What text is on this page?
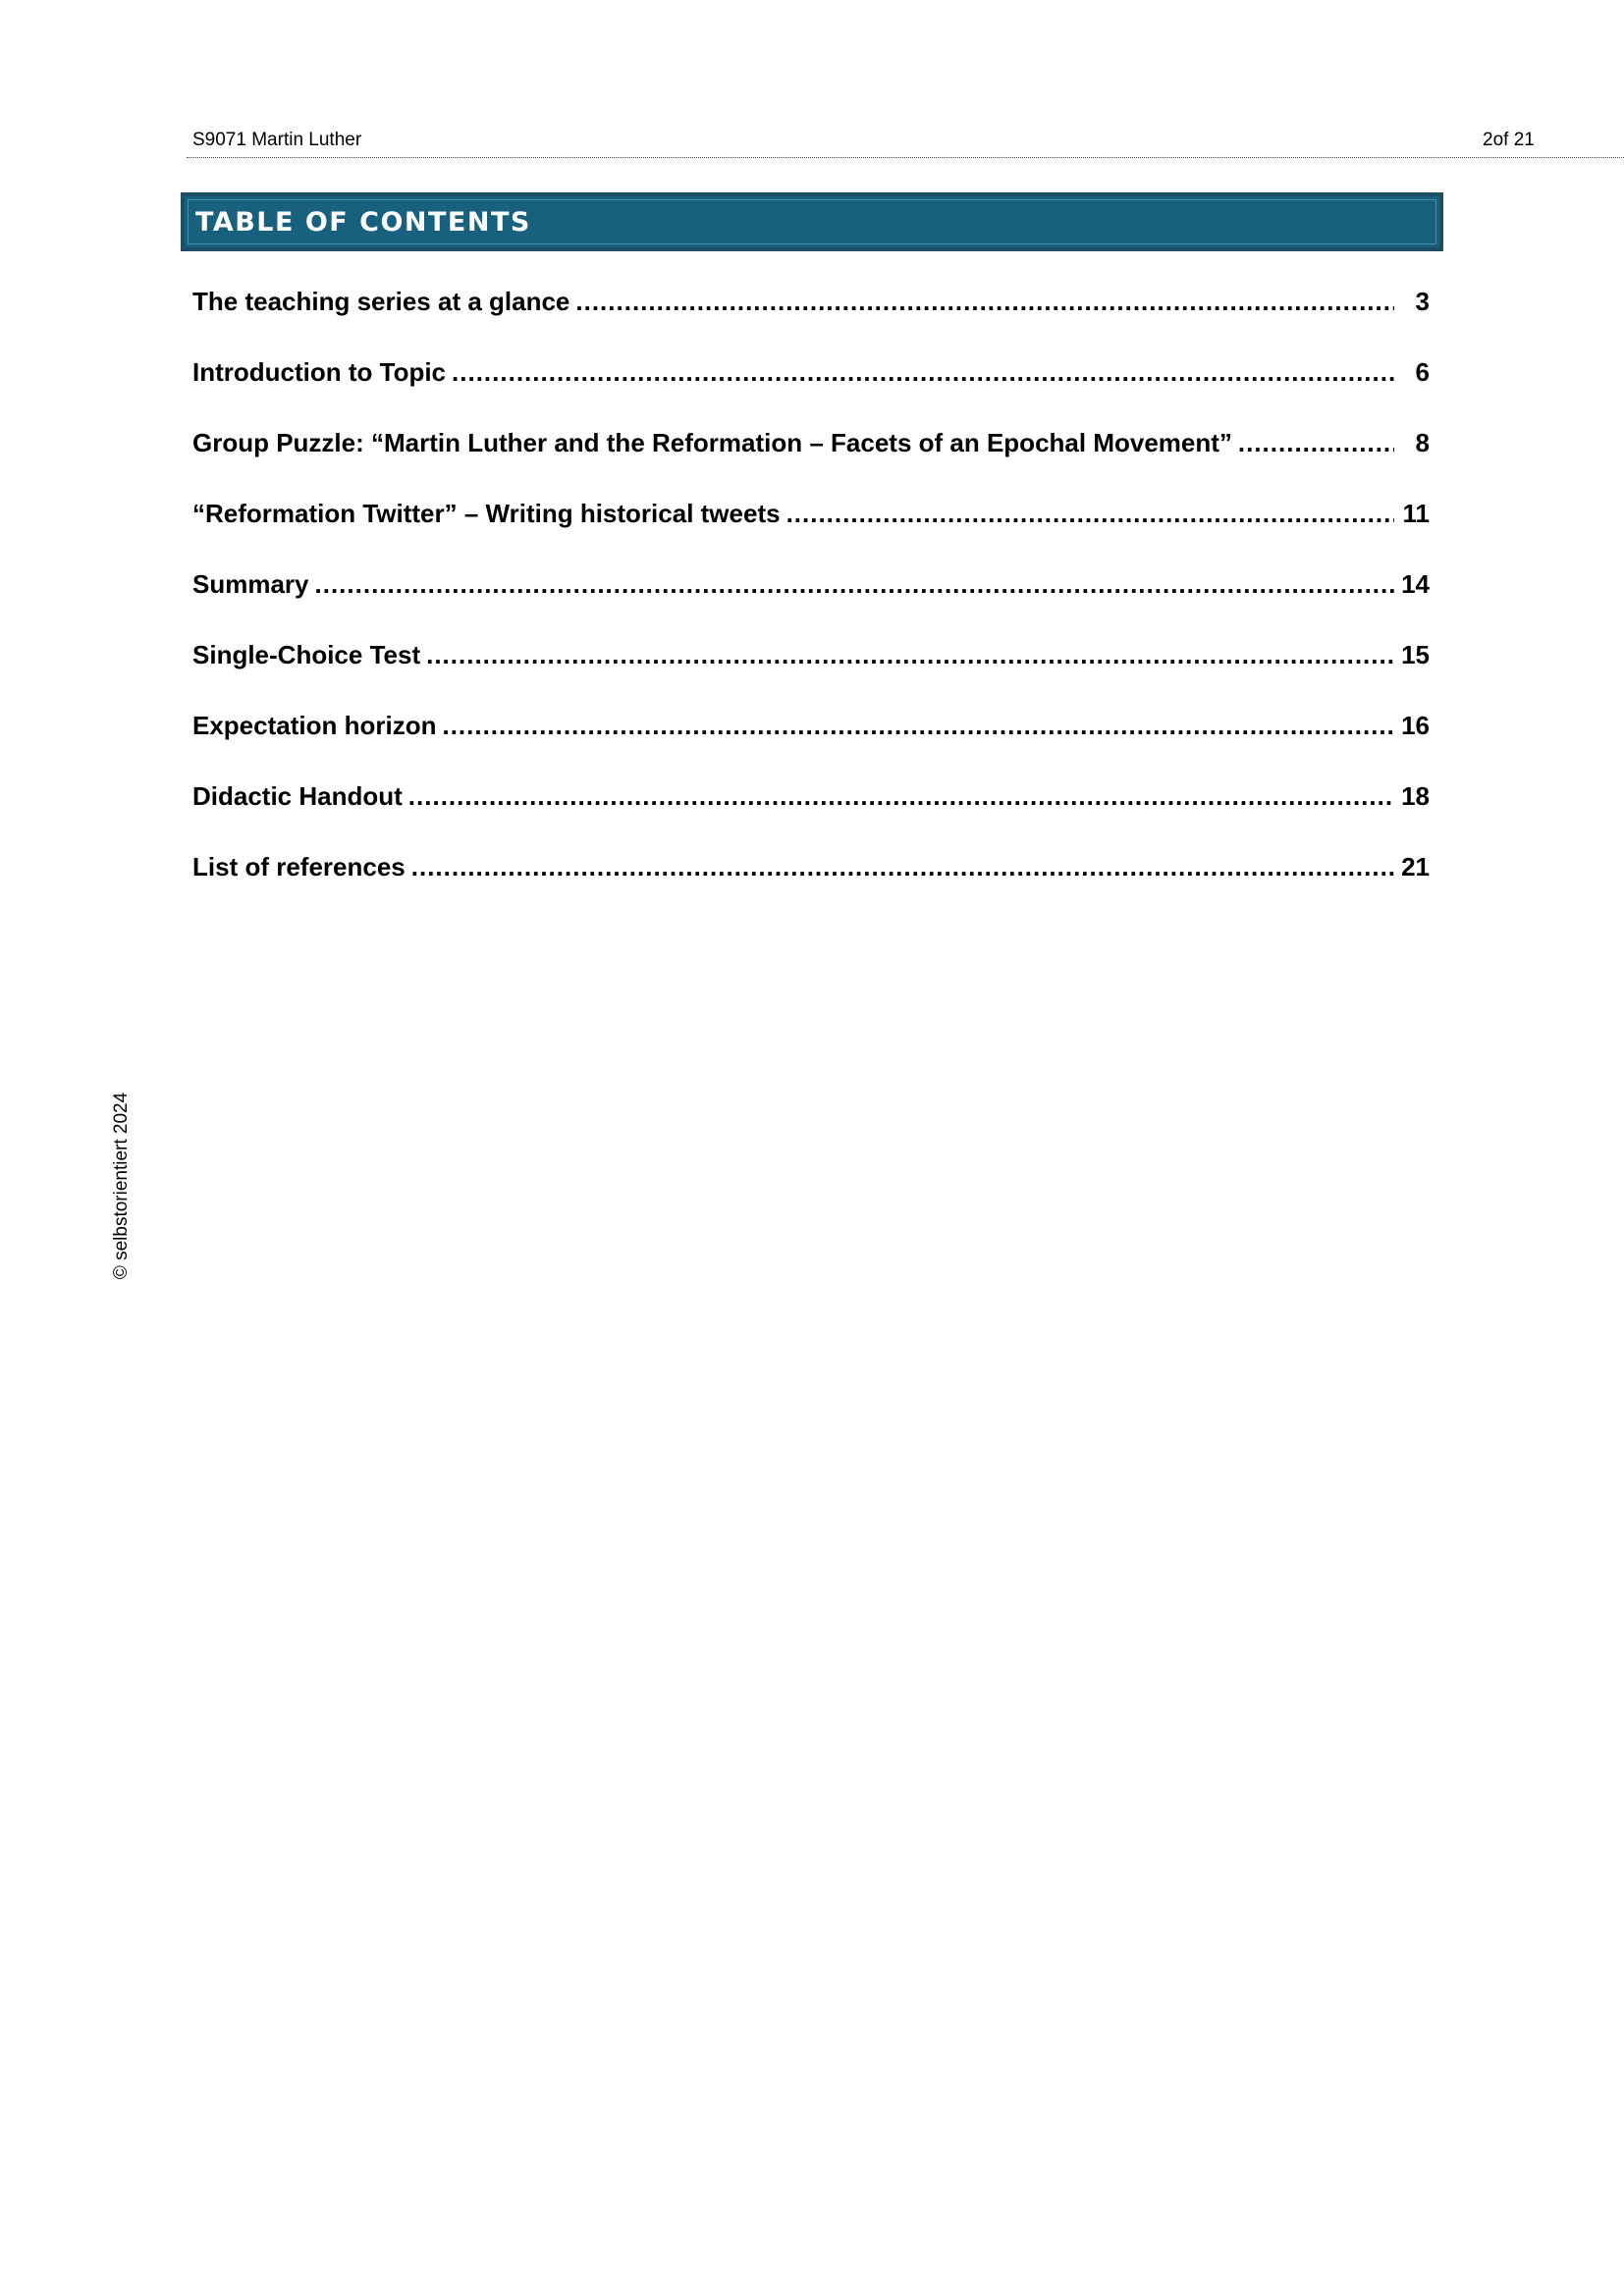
S9071 Martin Luther	2of 21
TABLE OF CONTENTS
The teaching series at a glance .....	3
Introduction to Topic .....	6
Group Puzzle: “Martin Luther and the Reformation – Facets of an Epochal Movement” .....	8
“Reformation Twitter” – Writing historical tweets .....	11
Summary .....	14
Single-Choice Test .....	15
Expectation horizon .....	16
Didactic Handout .....	18
List of references .....	21
© selbstorientiert 2024
